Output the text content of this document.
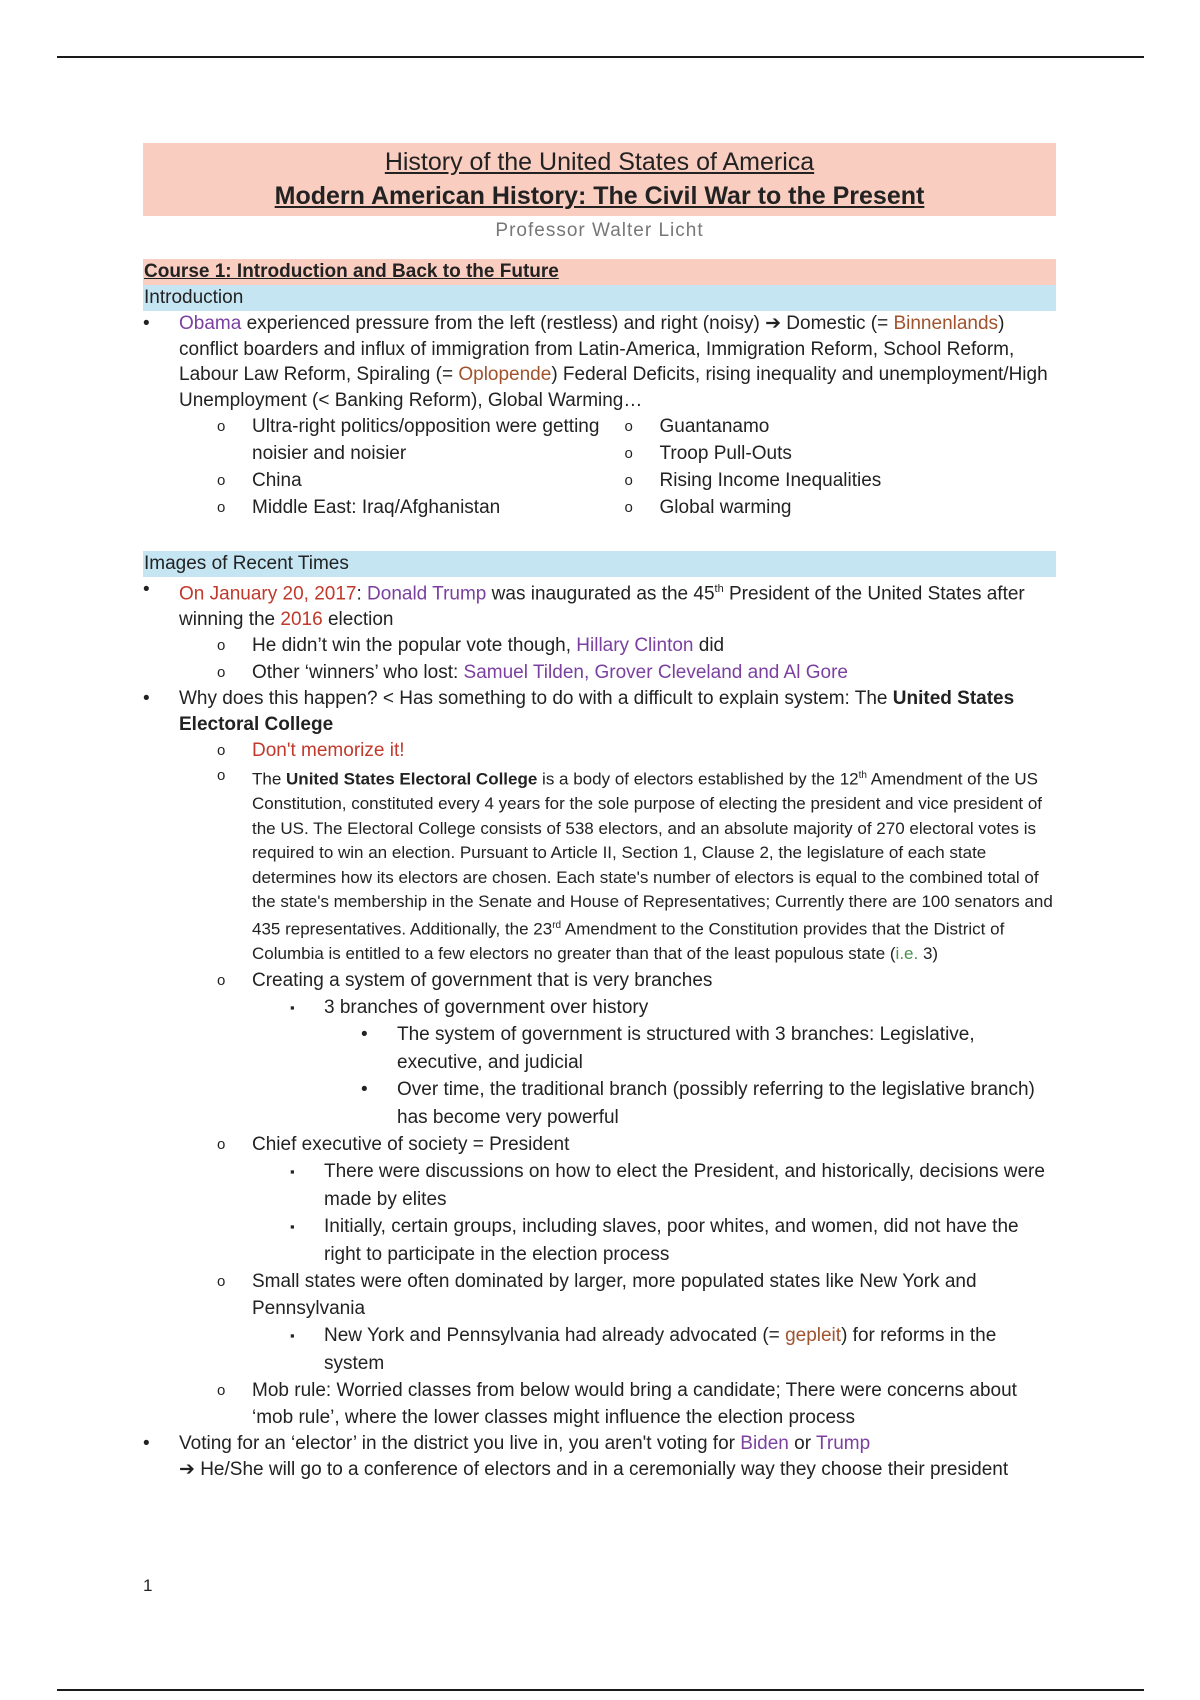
History of the United States of America
Modern American History: The Civil War to the Present
Professor Walter Licht
Course 1: Introduction and Back to the Future
Introduction
• Obama experienced pressure from the left (restless) and right (noisy) ➔ Domestic (= Binnenlands) conflict boarders and influx of immigration from Latin-America, Immigration Reform, School Reform, Labour Law Reform, Spiraling (= Oplopende) Federal Deficits, rising inequality and unemployment/High Unemployment (< Banking Reform), Global Warming…
o Ultra-right politics/opposition were getting noisier and noisier
o China
o Middle East: Iraq/Afghanistan
o Guantanamo
o Troop Pull-Outs
o Rising Income Inequalities
o Global warming
Images of Recent Times
• On January 20, 2017: Donald Trump was inaugurated as the 45th President of the United States after winning the 2016 election
o He didn’t win the popular vote though, Hillary Clinton did
o Other ‘winners’ who lost: Samuel Tilden, Grover Cleveland and Al Gore
• Why does this happen? < Has something to do with a difficult to explain system: The United States Electoral College
o Don't memorize it!
o The United States Electoral College is a body of electors established by the 12th Amendment of the US Constitution, constituted every 4 years for the sole purpose of electing the president and vice president of the US. The Electoral College consists of 538 electors, and an absolute majority of 270 electoral votes is required to win an election. Pursuant to Article II, Section 1, Clause 2, the legislature of each state determines how its electors are chosen. Each state's number of electors is equal to the combined total of the state's membership in the Senate and House of Representatives; Currently there are 100 senators and 435 representatives. Additionally, the 23rd Amendment to the Constitution provides that the District of Columbia is entitled to a few electors no greater than that of the least populous state (i.e. 3)
o Creating a system of government that is very branches
▪ 3 branches of government over history
• The system of government is structured with 3 branches: Legislative, executive, and judicial
• Over time, the traditional branch (possibly referring to the legislative branch) has become very powerful
o Chief executive of society = President
▪ There were discussions on how to elect the President, and historically, decisions were made by elites
▪ Initially, certain groups, including slaves, poor whites, and women, did not have the right to participate in the election process
o Small states were often dominated by larger, more populated states like New York and Pennsylvania
▪ New York and Pennsylvania had already advocated (= gepleit) for reforms in the system
o Mob rule: Worried classes from below would bring a candidate; There were concerns about ‘mob rule’, where the lower classes might influence the election process
• Voting for an ‘elector’ in the district you live in, you aren't voting for Biden or Trump
➔ He/She will go to a conference of electors and in a ceremonially way they choose their president
1
